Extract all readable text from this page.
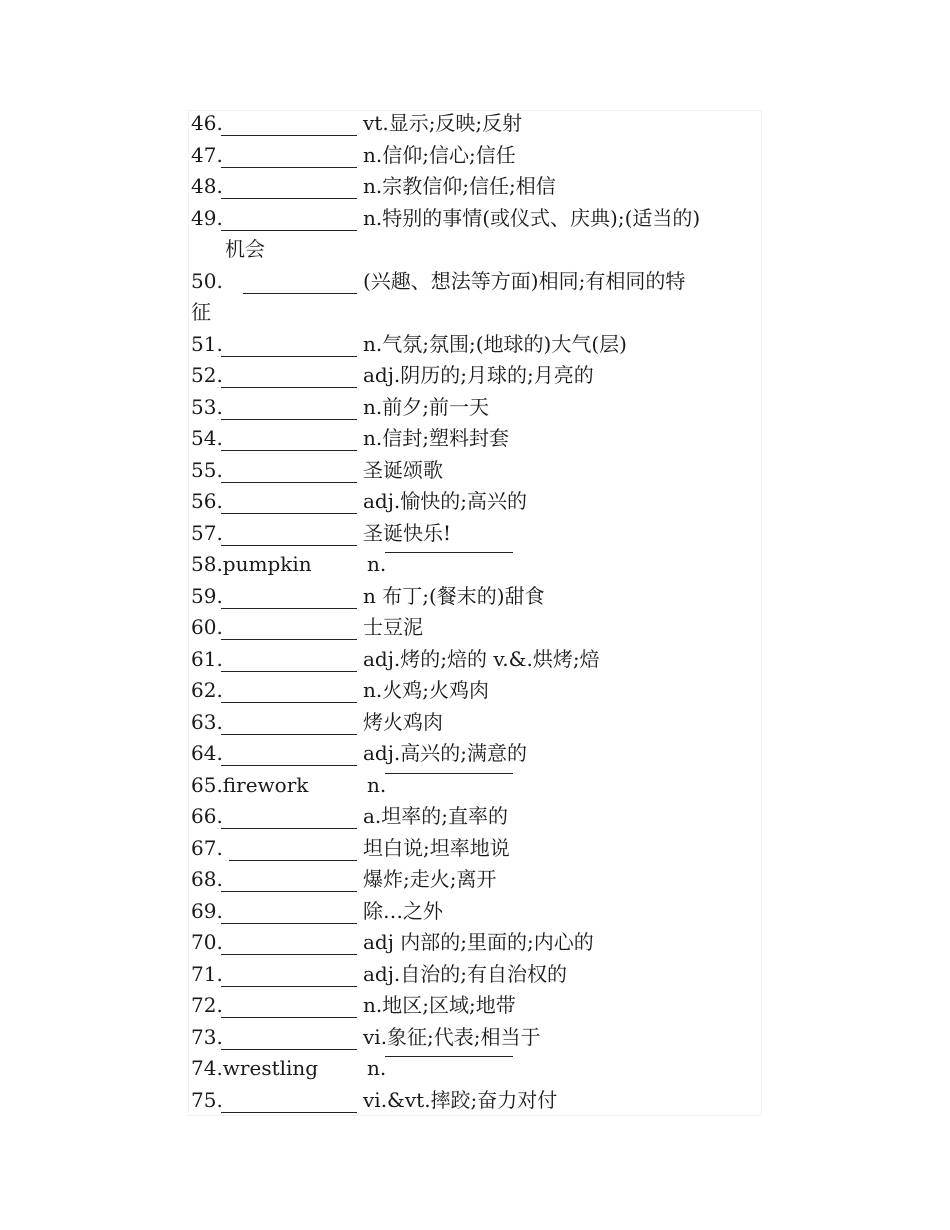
46.	vt.显示;反映;反射
47.	n.信仰;信心;信任
48.	n.宗教信仰;信任;相信
49.	n.特别的事情(或仪式、庆典);(适当的)
机会
50.	(兴趣、想法等方面)相同;有相同的特
征
51.	n.气氛;氛围;(地球的)大气(层)
52.	adj.阴历的;月球的;月亮的
53.	n.前夕;前一天
54.	n.信封;塑料封套
55.	圣诞颂歌
56.	adj.愉快的;高兴的
57.	圣诞快乐!
58.pumpkin	n.
59.	n 布丁;(餐末的)甜食
60.	士豆泥
61.	adj.烤的;焙的 v.&.烘烤;焙
62.	n.火鸡;火鸡肉
63.	烤火鸡肉
64.	adj.高兴的;满意的
65.firework	n.
66.	a.坦率的;直率的
67.	坦白说;坦率地说
68.	爆炸;走火;离开
69.	除…之外
70.	adj 内部的;里面的;内心的
71.	adj.自治的;有自治权的
72.	n.地区;区域;地带
73.	vi.象征;代表;相当于
74.wrestling n.
75.	vi.&vt.摔跤;奋力对付
